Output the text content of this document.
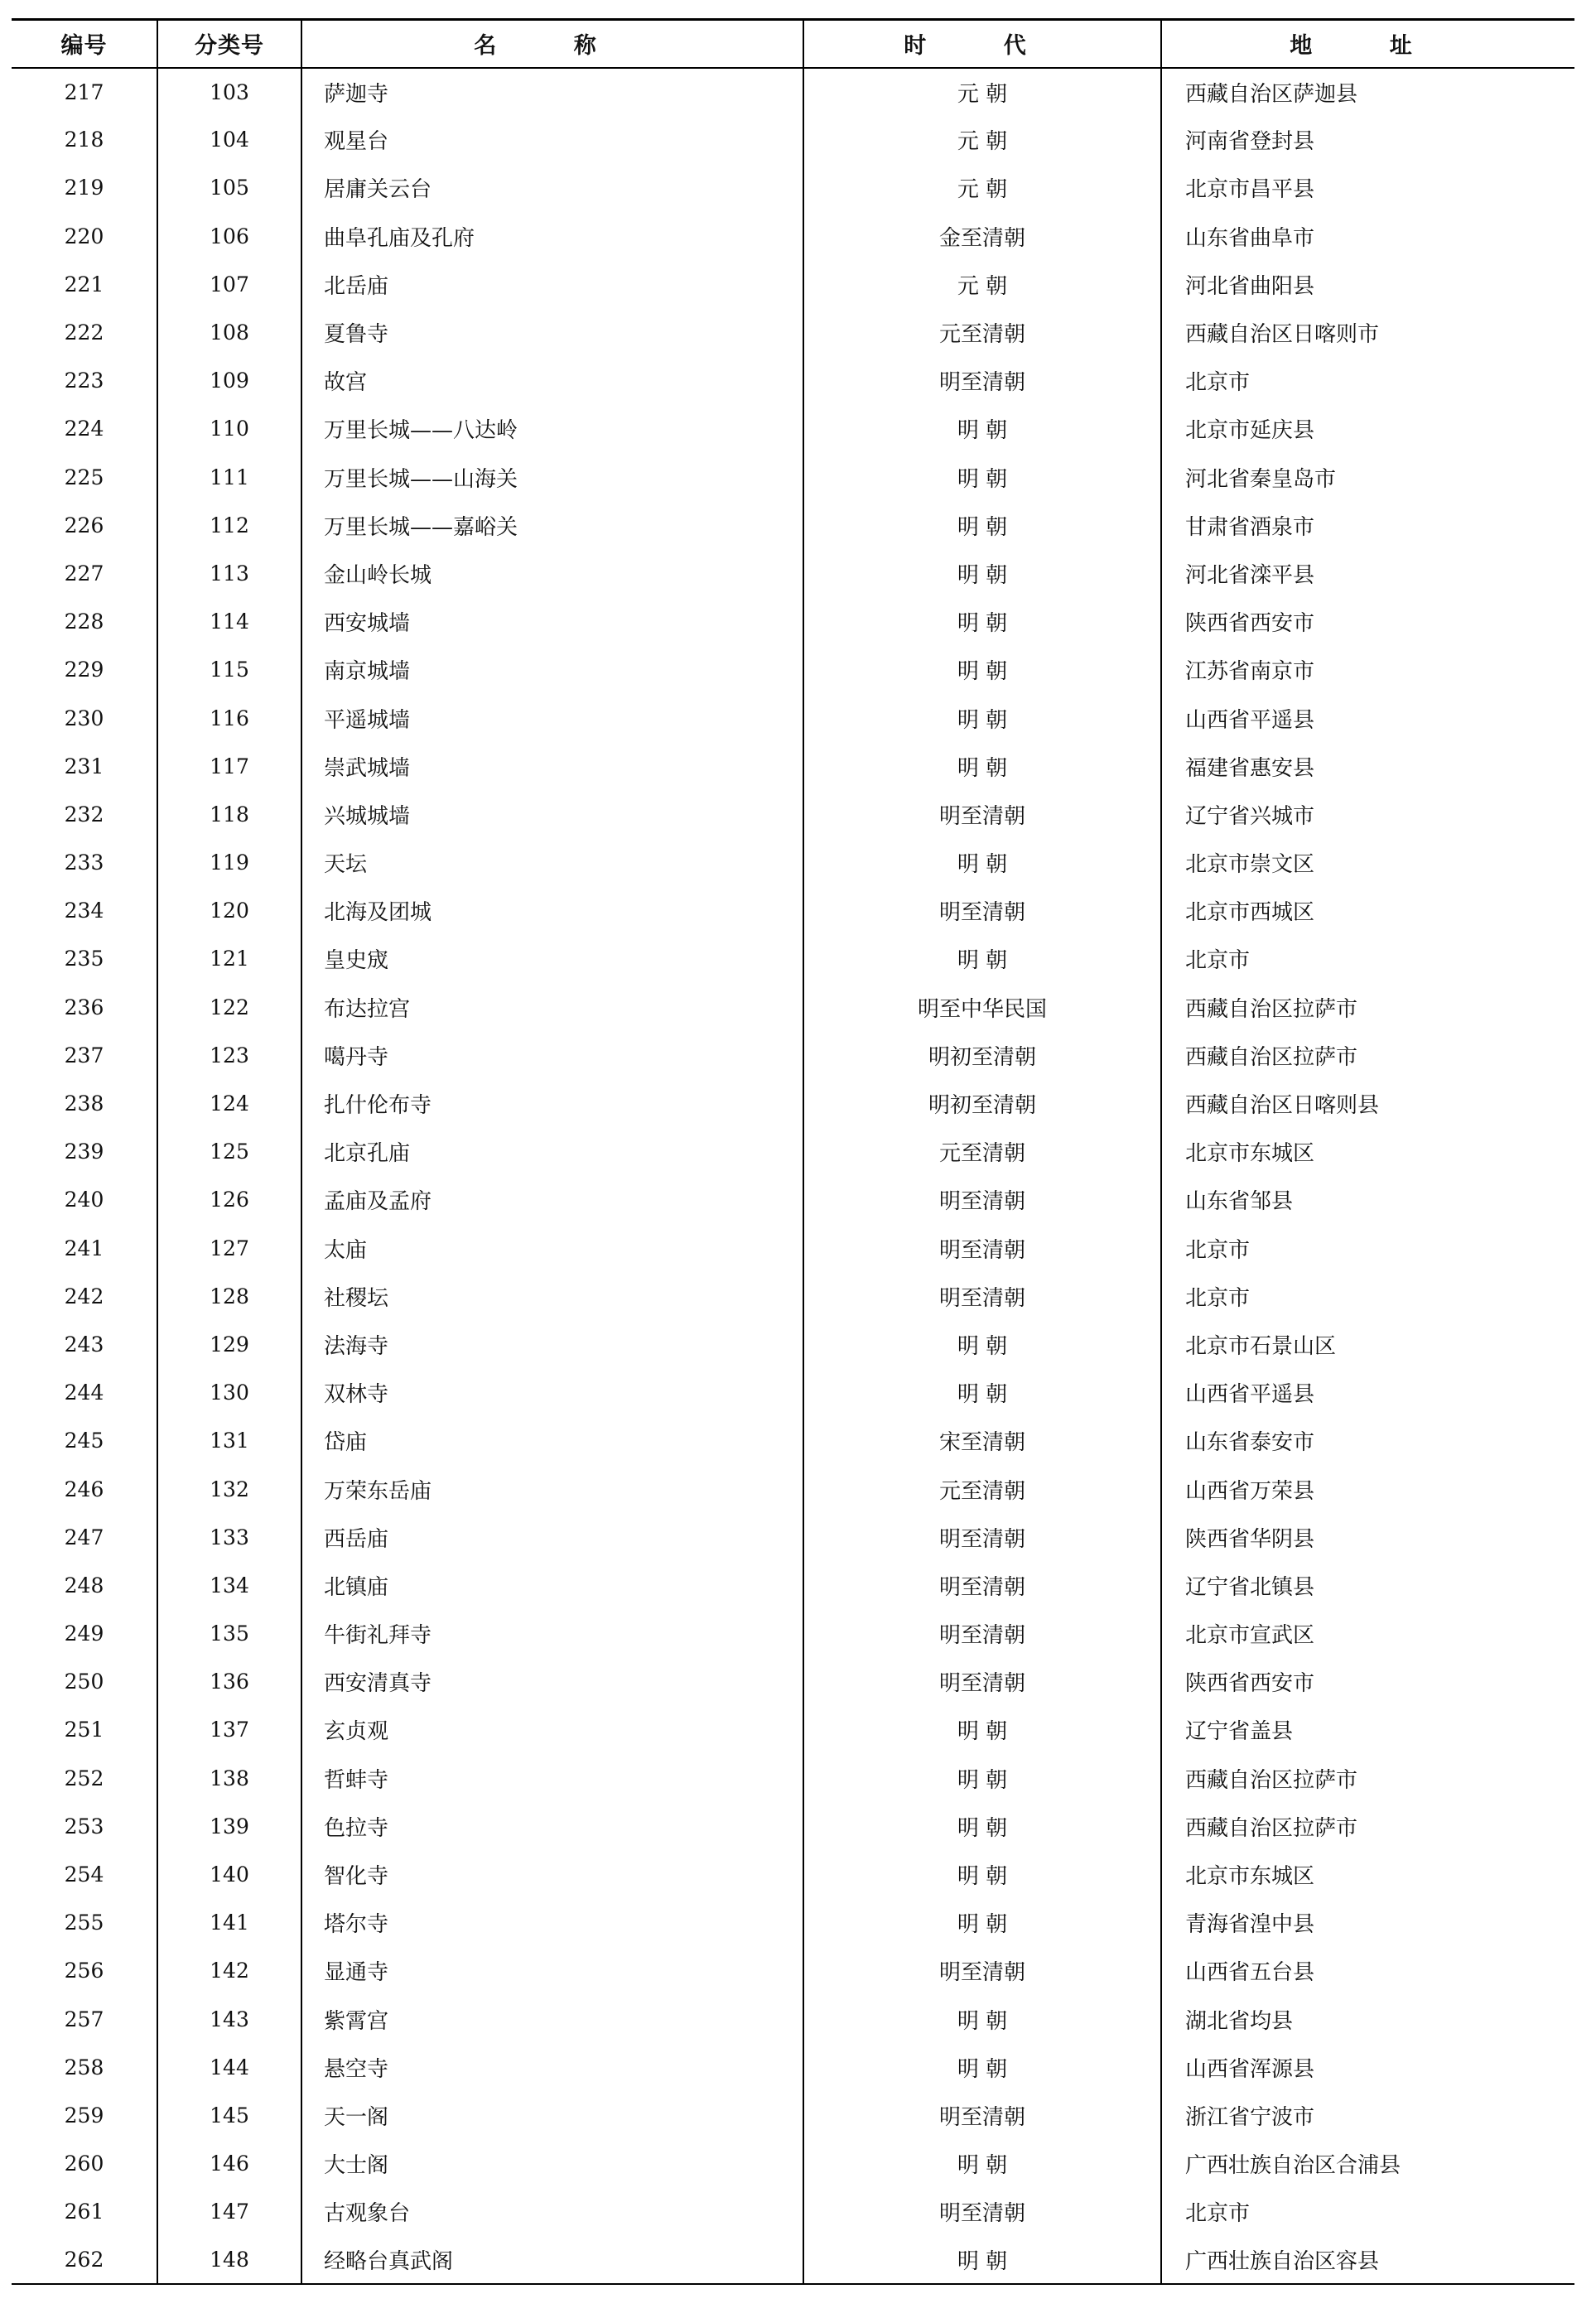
编号	分类号	名 称	时 代	地 址
217	103	萨迦寺	元 朝	西藏自治区萨迦县
218	104	观星台	元 朝	河南省登封县
219	105	居庸关云台	元 朝	北京市昌平县
220	106	曲阜孔庙及孔府	金至清朝	山东省曲阜市
221	107	北岳庙	元 朝	河北省曲阳县
222	108	夏鲁寺	元至清朝	西藏自治区日喀则市
223	109	故宫	明至清朝	北京市
224	110	万里长城——八达岭	明 朝	北京市延庆县
225	111	万里长城——山海关	明 朝	河北省秦皇岛市
226	112	万里长城——嘉峪关	明 朝	甘肃省酒泉市
227	113	金山岭长城	明 朝	河北省滦平县
228	114	西安城墙	明 朝	陕西省西安市
229	115	南京城墙	明 朝	江苏省南京市
230	116	平遥城墙	明 朝	山西省平遥县
231	117	崇武城墙	明 朝	福建省惠安县
232	118	兴城城墙	明至清朝	辽宁省兴城市
233	119	天坛	明 朝	北京市崇文区
234	120	北海及团城	明至清朝	北京市西城区
235	121	皇史宬	明 朝	北京市
236	122	布达拉宫	明至中华民国	西藏自治区拉萨市
237	123	噶丹寺	明初至清朝	西藏自治区拉萨市
238	124	扎什伦布寺	明初至清朝	西藏自治区日喀则县
239	125	北京孔庙	元至清朝	北京市东城区
240	126	孟庙及孟府	明至清朝	山东省邹县
241	127	太庙	明至清朝	北京市
242	128	社稷坛	明至清朝	北京市
243	129	法海寺	明 朝	北京市石景山区
244	130	双林寺	明 朝	山西省平遥县
245	131	岱庙	宋至清朝	山东省泰安市
246	132	万荣东岳庙	元至清朝	山西省万荣县
247	133	西岳庙	明至清朝	陕西省华阴县
248	134	北镇庙	明至清朝	辽宁省北镇县
249	135	牛街礼拜寺	明至清朝	北京市宣武区
250	136	西安清真寺	明至清朝	陕西省西安市
251	137	玄贞观	明 朝	辽宁省盖县
252	138	哲蚌寺	明 朝	西藏自治区拉萨市
253	139	色拉寺	明 朝	西藏自治区拉萨市
254	140	智化寺	明 朝	北京市东城区
255	141	塔尔寺	明 朝	青海省湟中县
256	142	显通寺	明至清朝	山西省五台县
257	143	紫霄宫	明 朝	湖北省均县
258	144	悬空寺	明 朝	山西省浑源县
259	145	天一阁	明至清朝	浙江省宁波市
260	146	大士阁	明 朝	广西壮族自治区合浦县
261	147	古观象台	明至清朝	北京市
262	148	经略台真武阁	明 朝	广西壮族自治区容县
